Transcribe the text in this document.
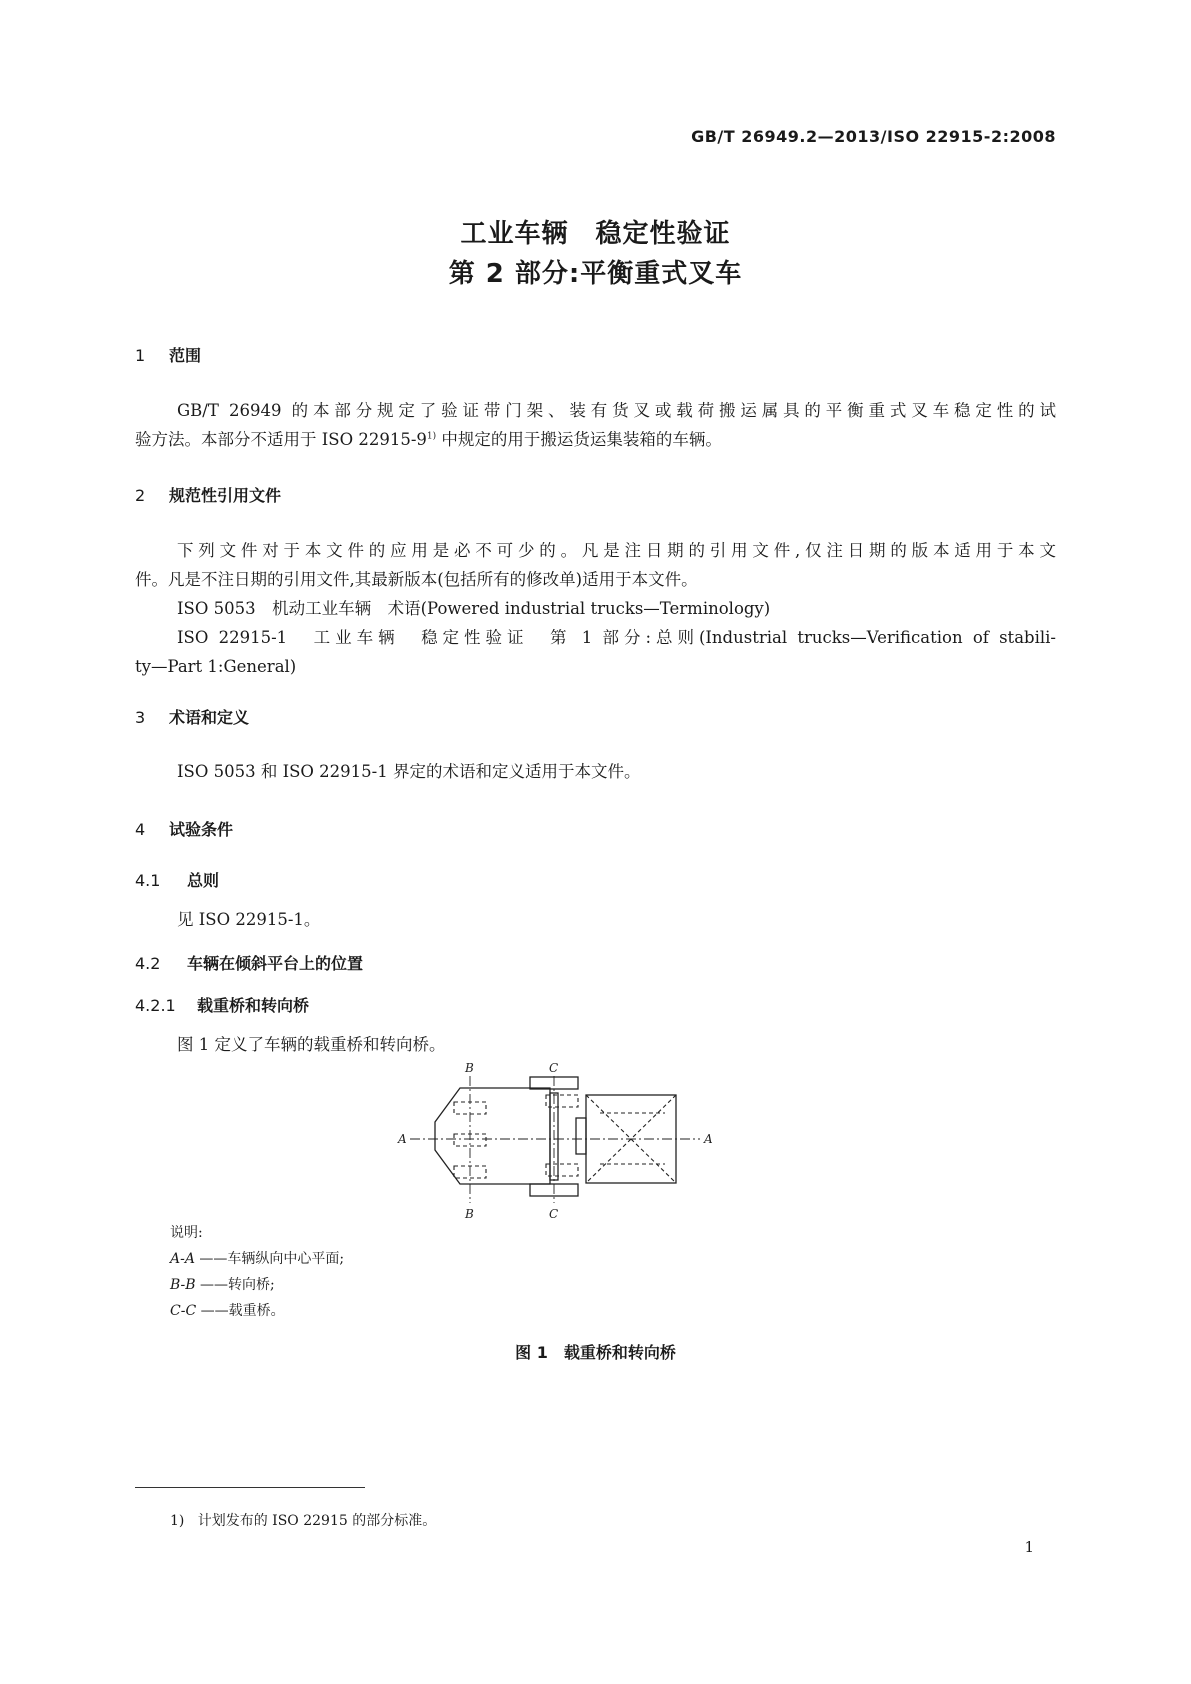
GB/T 26949.2—2013/ISO 22915-2:2008
工业车辆　稳定性验证
第 2 部分:平衡重式叉车
1 范围
GB/T 26949 的本部分规定了验证带门架、装有货叉或载荷搬运属具的平衡重式叉车稳定性的试
验方法。本部分不适用于 ISO 22915-9$^{1)}$ 中规定的用于搬运货运集装箱的车辆。
2 规范性引用文件
下列文件对于本文件的应用是必不可少的。凡是注日期的引用文件,仅注日期的版本适用于本文
件。凡是不注日期的引用文件,其最新版本(包括所有的修改单)适用于本文件。
ISO 5053　机动工业车辆　术语(Powered industrial trucks—Terminology)
ISO 22915-1　工业车辆　稳定性验证　第 1 部分:总则(Industrial trucks—Verification of stabili-
ty—Part 1:General)
3 术语和定义
ISO 5053 和 ISO 22915-1 界定的术语和定义适用于本文件。
4 试验条件
4.1 总则
见 ISO 22915-1。
4.2 车辆在倾斜平台上的位置
4.2.1 载重桥和转向桥
图 1 定义了车辆的载重桥和转向桥。
A	A
B
B
C
C
说明:
A-A ——车辆纵向中心平面;
B-B ——转向桥;
C-C ——载重桥。
图 1　载重桥和转向桥
1) 计划发布的 ISO 22915 的部分标准。
1
